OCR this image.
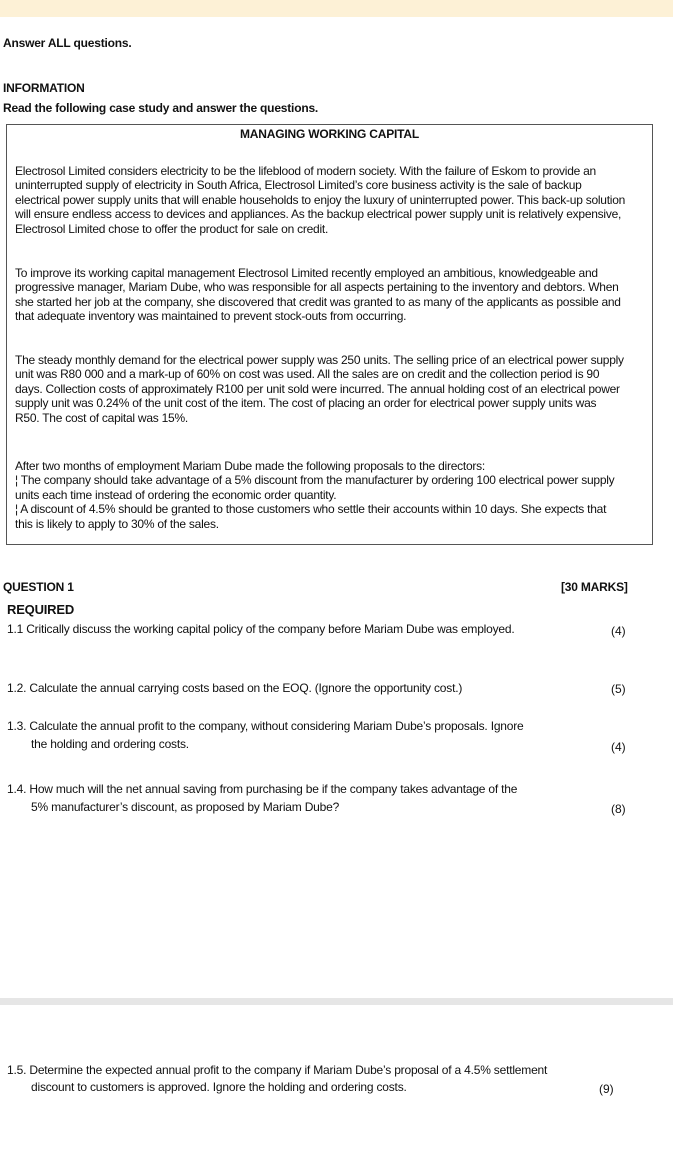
Answer ALL questions.
INFORMATION
Read the following case study and answer the questions.
MANAGING WORKING CAPITAL
Electrosol Limited considers electricity to be the lifeblood of modern society. With the failure of Eskom to provide an
uninterrupted supply of electricity in South Africa, Electrosol Limited’s core business activity is the sale of backup
electrical power supply units that will enable households to enjoy the luxury of uninterrupted power. This back-up solution
will ensure endless access to devices and appliances. As the backup electrical power supply unit is relatively expensive,
Electrosol Limited chose to offer the product for sale on credit.
To improve its working capital management Electrosol Limited recently employed an ambitious, knowledgeable and
progressive manager, Mariam Dube, who was responsible for all aspects pertaining to the inventory and debtors. When
she started her job at the company, she discovered that credit was granted to as many of the applicants as possible and
that adequate inventory was maintained to prevent stock-outs from occurring.
The steady monthly demand for the electrical power supply was 250 units. The selling price of an electrical power supply
unit was R80 000 and a mark-up of 60% on cost was used. All the sales are on credit and the collection period is 90
days. Collection costs of approximately R100 per unit sold were incurred. The annual holding cost of an electrical power
supply unit was 0.24% of the unit cost of the item. The cost of placing an order for electrical power supply units was
R50. The cost of capital was 15%.
After two months of employment Mariam Dube made the following proposals to the directors:
¦ The company should take advantage of a 5% discount from the manufacturer by ordering 100 electrical power supply
units each time instead of ordering the economic order quantity.
¦ A discount of 4.5% should be granted to those customers who settle their accounts within 10 days. She expects that
this is likely to apply to 30% of the sales.
QUESTION 1	[30 MARKS]
REQUIRED
1.1 Critically discuss the working capital policy of the company before Mariam Dube was employed.	(4)
1.2. Calculate the annual carrying costs based on the EOQ. (Ignore the opportunity cost.)	(5)
1.3. Calculate the annual profit to the company, without considering Mariam Dube’s proposals. Ignore
the holding and ordering costs.	(4)
1.4. How much will the net annual saving from purchasing be if the company takes advantage of the
5% manufacturer’s discount, as proposed by Mariam Dube?	(8)
1.5. Determine the expected annual profit to the company if Mariam Dube’s proposal of a 4.5% settlement
discount to customers is approved. Ignore the holding and ordering costs.	(9)
